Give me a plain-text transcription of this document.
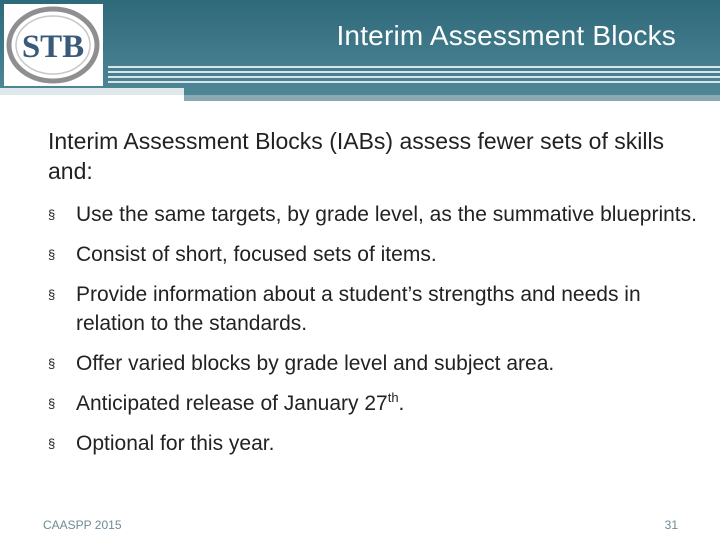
STB	Interim Assessment Blocks

Interim Assessment Blocks (IABs) assess fewer sets of skills and:

§ Use the same targets, by grade level, as the summative blueprints.
§ Consist of short, focused sets of items.
§ Provide information about a student’s strengths and needs in relation to the standards.
§ Offer varied blocks by grade level and subject area.
§ Anticipated release of January 27th.
§ Optional for this year.
CAASPP 2015	31
